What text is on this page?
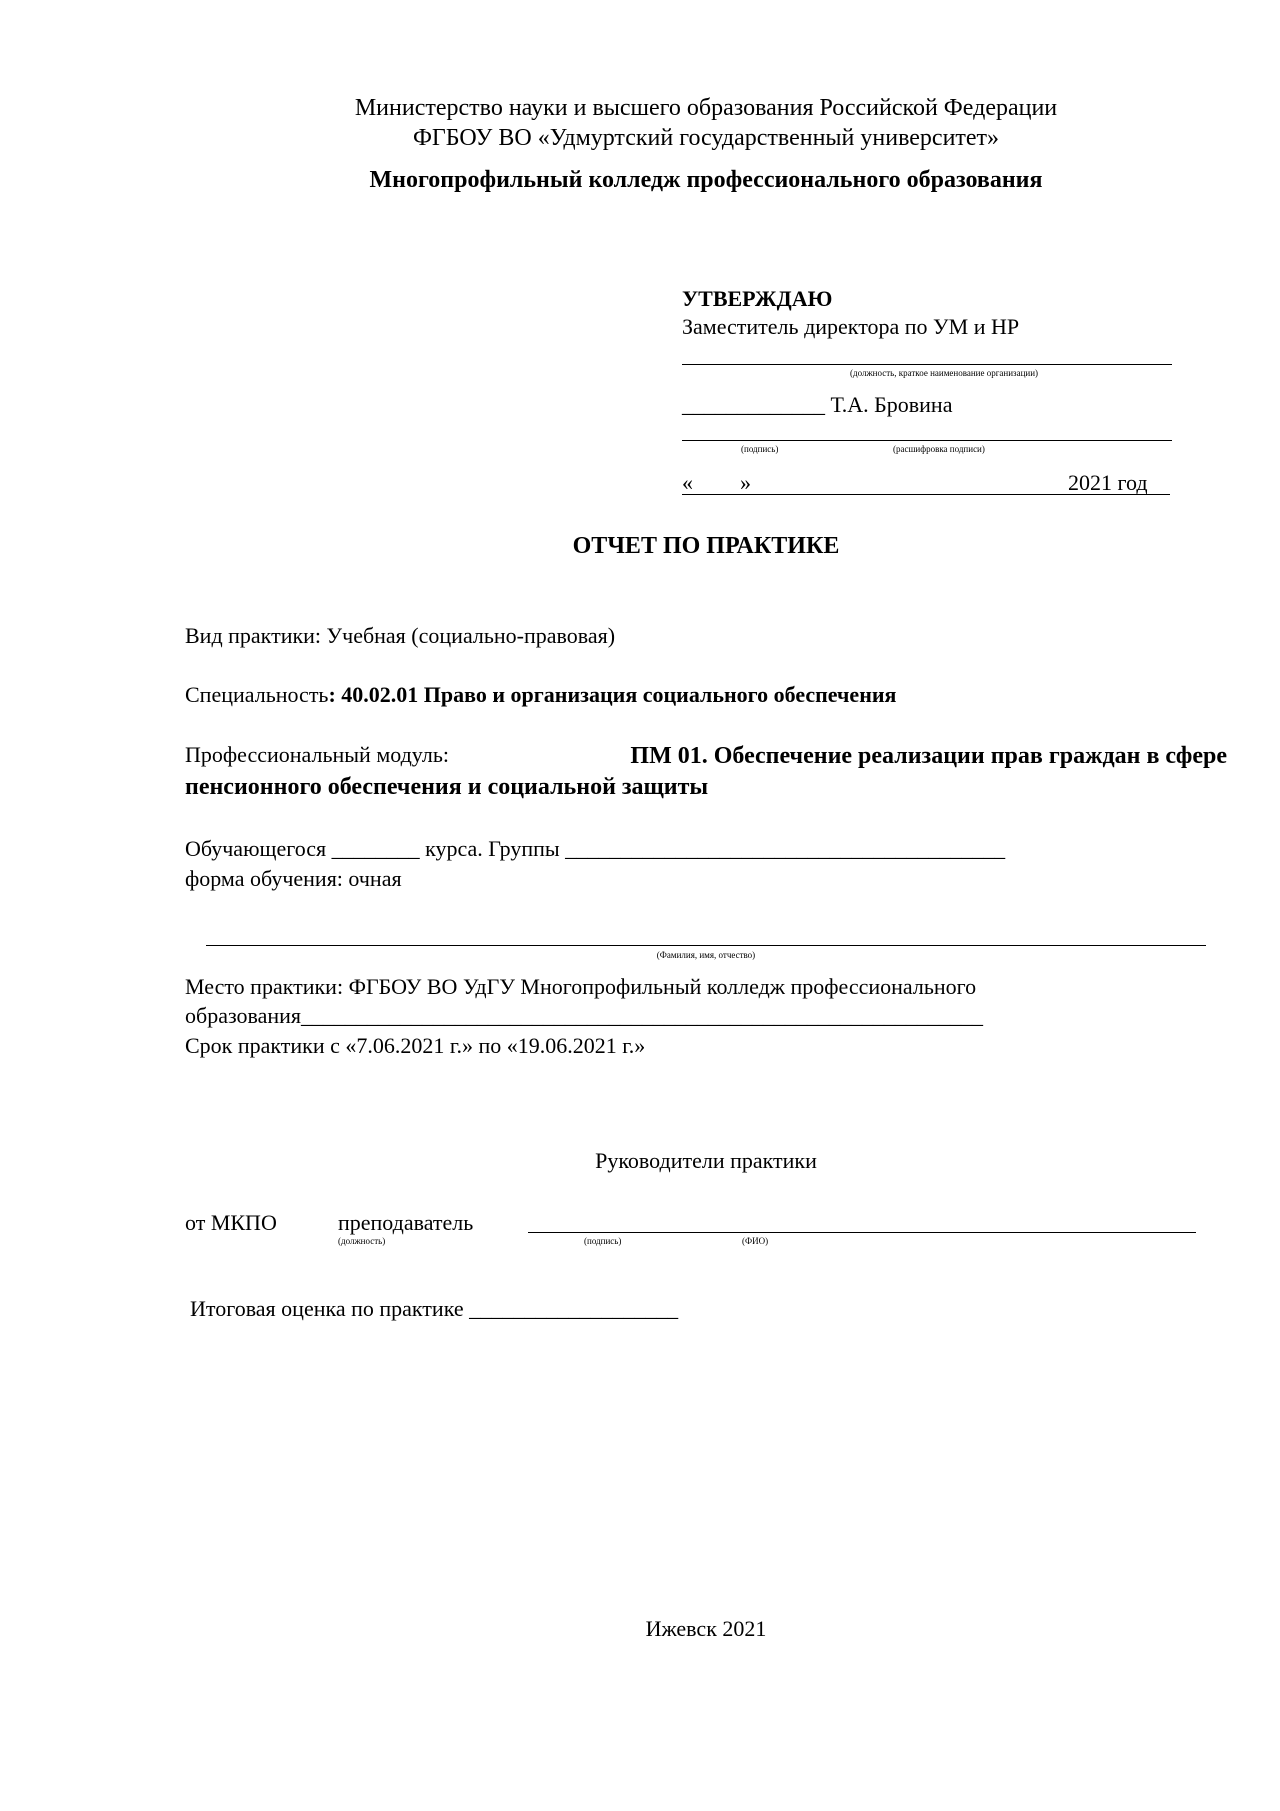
Министерство науки и высшего образования Российской Федерации
ФГБОУ ВО «Удмуртский государственный университет»
Многопрофильный колледж профессионального образования
УТВЕРЖДАЮ
Заместитель директора по УМ и НР
(должность, краткое наименование организации)
_____________ Т.А. Бровина
(подпись)	(расшифровка подписи)
« »	2021 год
ОТЧЕТ ПО ПРАКТИКЕ
Вид практики: Учебная (социально-правовая)
Специальность: 40.02.01 Право и организация социального обеспечения
Профессиональный модуль:	ПМ 01. Обеспечение реализации прав граждан в сфере
пенсионного обеспечения и социальной защиты
Обучающегося ________ курса. Группы ________________________________________
форма обучения: очная
(Фамилия, имя, отчество)
Место практики: ФГБОУ ВО УдГУ Многопрофильный колледж профессионального
образования______________________________________________________________
Срок практики с «7.06.2021 г.» по «19.06.2021 г.»
Руководители практики
от МКПО	преподаватель
(должность)	(подпись)	(ФИО)
Итоговая оценка по практике ___________________
Ижевск 2021
